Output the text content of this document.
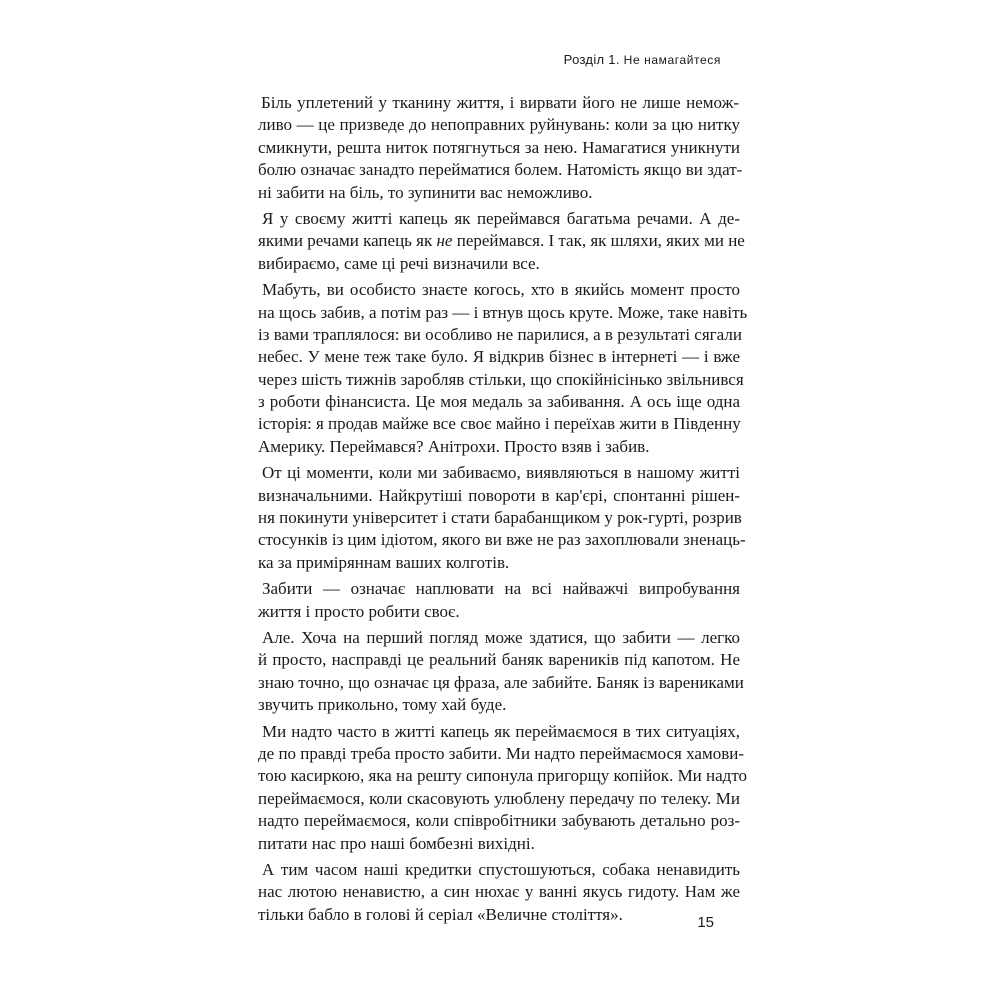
Розділ 1. Не намагайтеся
Біль уплетений у тканину життя, і вирвати його не лише немож-
ливо — це призведе до непоправних руйнувань: коли за цю нитку
смикнути, решта ниток потягнуться за нею. Намагатися уникнути
болю означає занадто перейматися болем. Натомість якщо ви здат-
ні забити на біль, то зупинити вас неможливо.
Я у своєму житті капець як переймався багатьма речами. А де-
якими речами капець як не переймався. І так, як шляхи, яких ми не
вибираємо, саме ці речі визначили все.
Мабуть, ви особисто знаєте когось, хто в якийсь момент просто
на щось забив, а потім раз — і втнув щось круте. Може, таке навіть
із вами траплялося: ви особливо не парилися, а в результаті сягали
небес. У мене теж таке було. Я відкрив бізнес в інтернеті — і вже
через шість тижнів заробляв стільки, що спокійнісінько звільнився
з роботи фінансиста. Це моя медаль за забивання. А ось іще одна
історія: я продав майже все своє майно і переїхав жити в Південну
Америку. Переймався? Анітрохи. Просто взяв і забив.
От ці моменти, коли ми забиваємо, виявляються в нашому житті
визначальними. Найкрутіші повороти в кар'єрі, спонтанні рішен-
ня покинути університет і стати барабанщиком у рок-гурті, розрив
стосунків із цим ідіотом, якого ви вже не раз захоплювали зненаць-
ка за приміряннам ваших колготів.
Забити — означає наплювати на всі найважчі випробування
життя і просто робити своє.
Але. Хоча на перший погляд може здатися, що забити — легко
й просто, насправді це реальний баняк вареників під капотом. Не
знаю точно, що означає ця фраза, але забийте. Баняк із варениками
звучить прикольно, тому хай буде.
Ми надто часто в житті капець як переймаємося в тих ситуаціях,
де по правді треба просто забити. Ми надто переймаємося хамови-
тою касиркою, яка на решту сипонула пригорщу копійок. Ми надто
переймаємося, коли скасовують улюблену передачу по телеку. Ми
надто переймаємося, коли співробітники забувають детально роз-
питати нас про наші бомбезні вихідні.
А тим часом наші кредитки спустошуються, собака ненавидить
нас лютою ненавистю, а син нюхає у ванні якусь гидоту. Нам же
тільки бабло в голові й серіал «Величне століття».	15
